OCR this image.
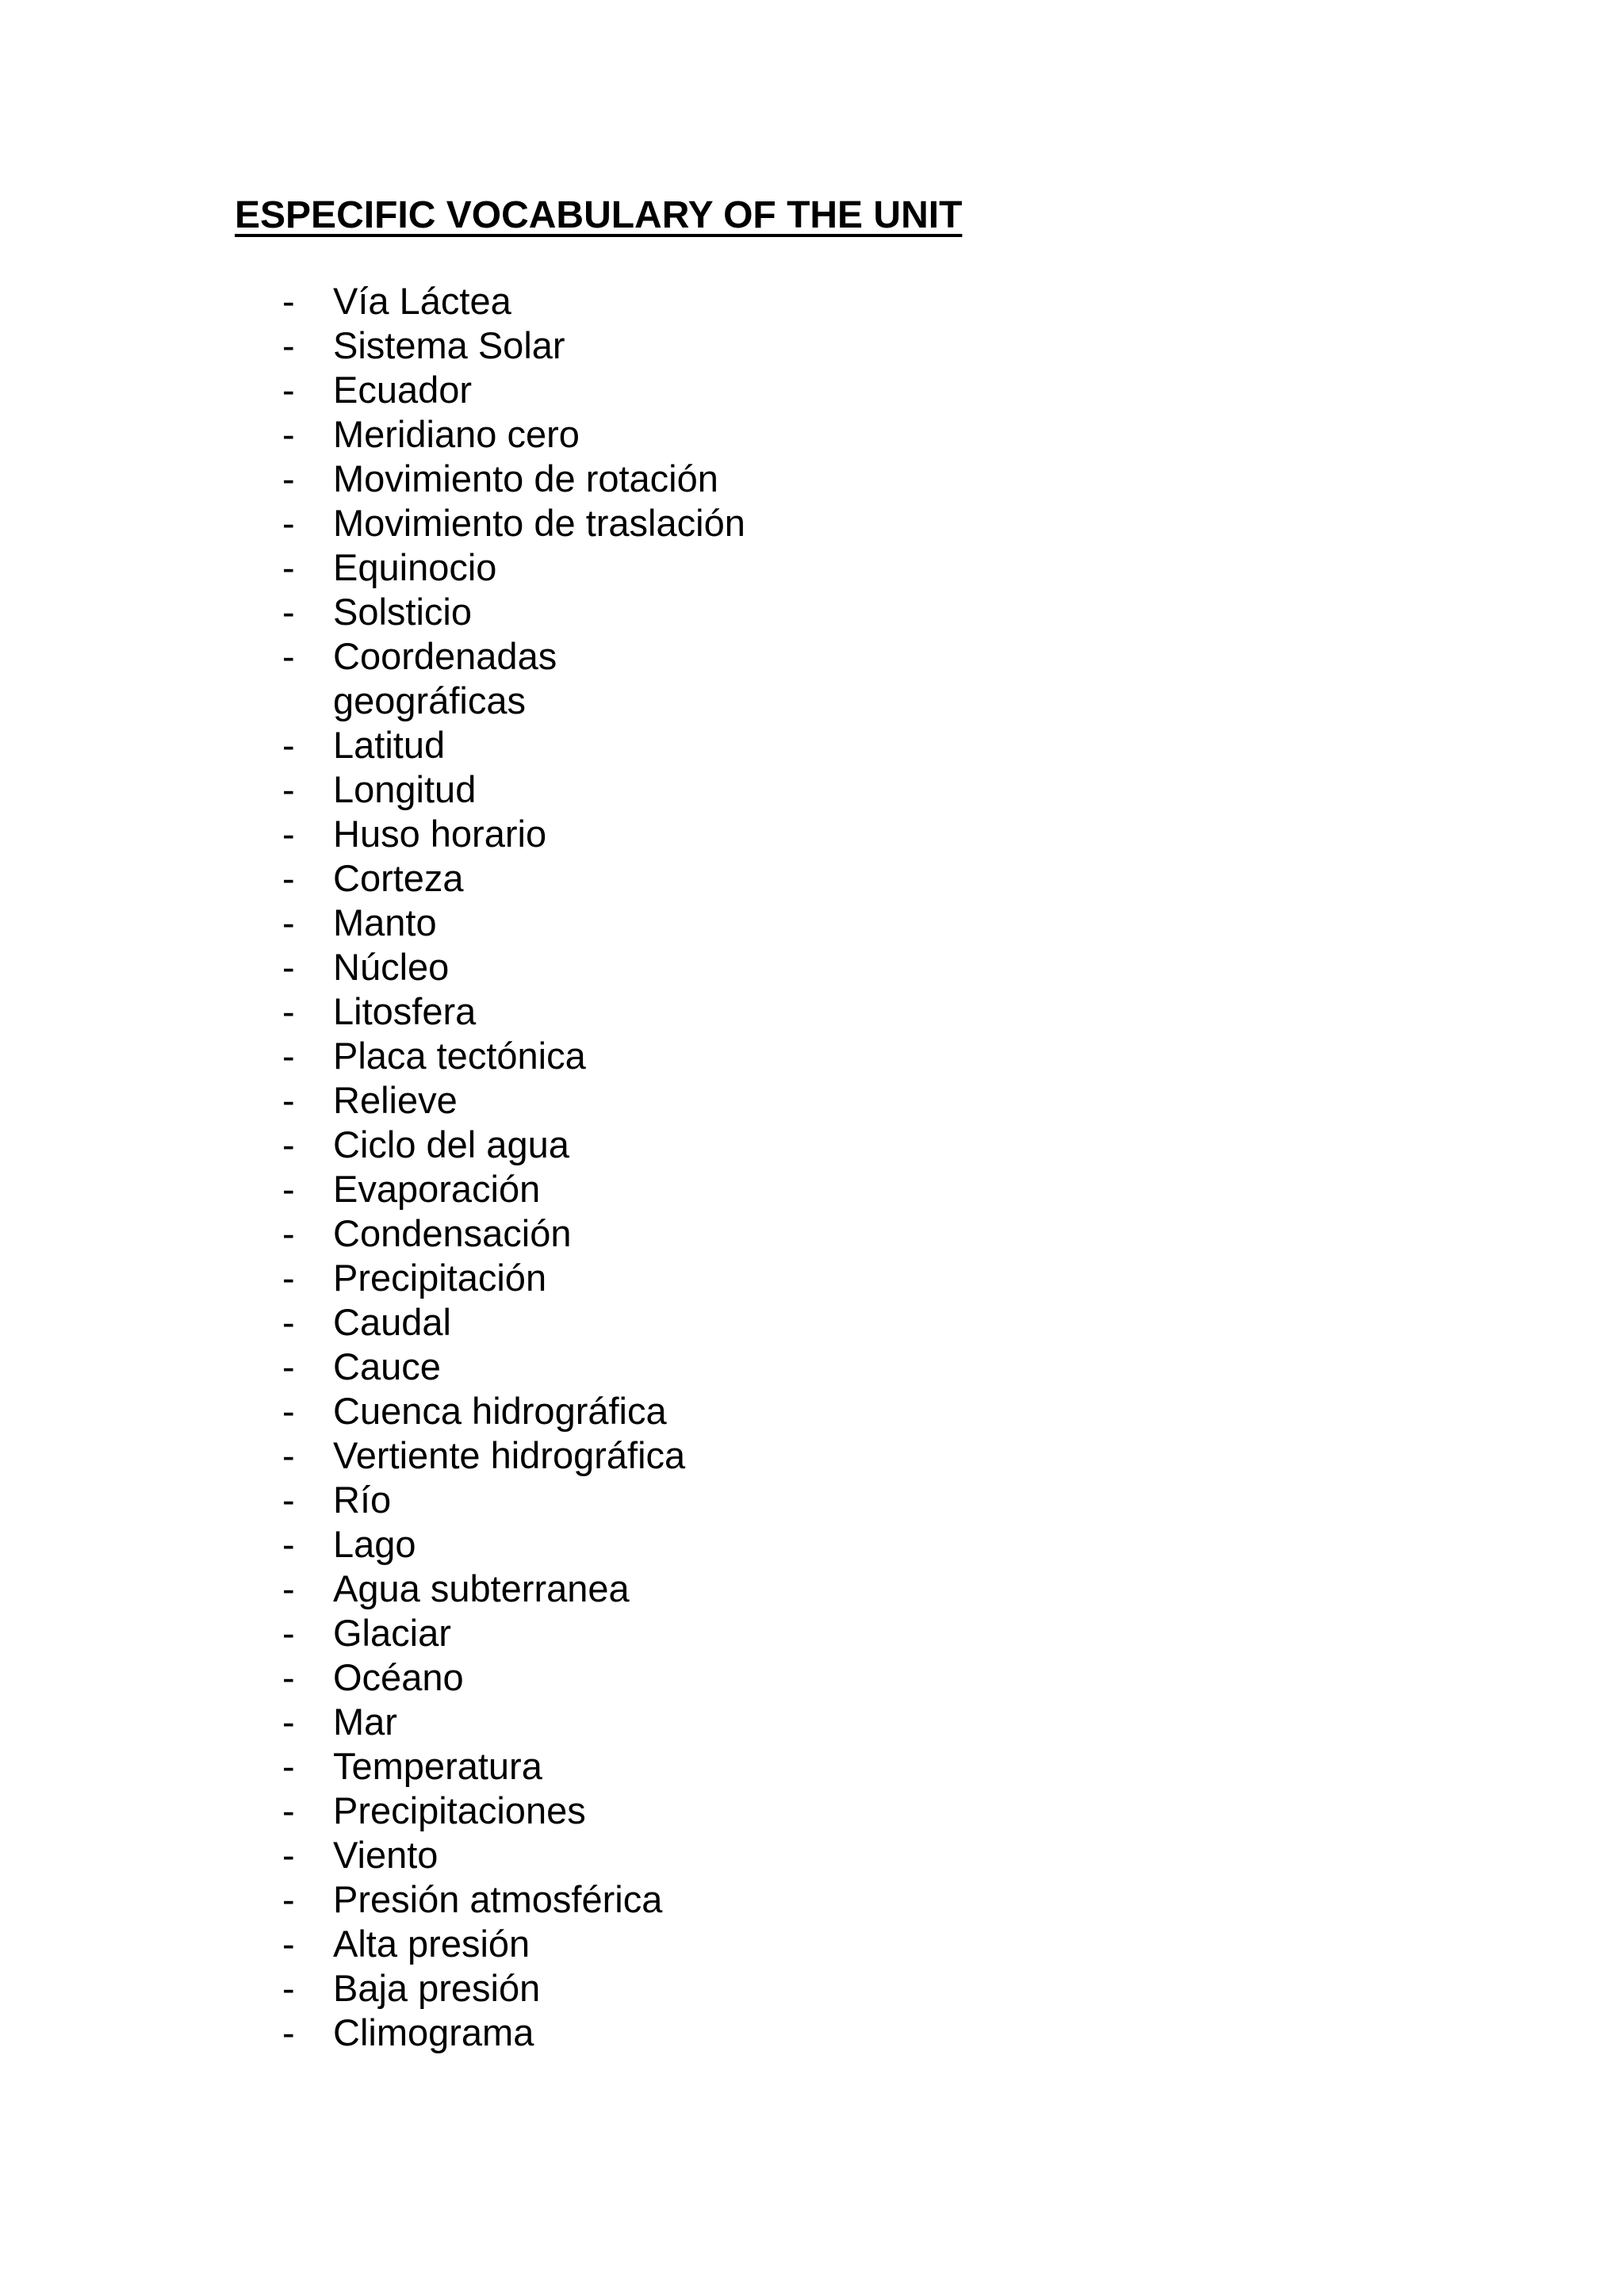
ESPECIFIC VOCABULARY OF THE UNIT
-	Vía Láctea
-	Sistema Solar
-	Ecuador
-	Meridiano cero
-	Movimiento de rotación
-	Movimiento de traslación
-	Equinocio
-	Solsticio
-	Coordenadas
geográficas
-	Latitud
-	Longitud
-	Huso horario
-	Corteza
-	Manto
-	Núcleo
-	Litosfera
-	Placa tectónica
-	Relieve
-	Ciclo del agua
-	Evaporación
-	Condensación
-	Precipitación
-	Caudal
-	Cauce
-	Cuenca hidrográfica
-	Vertiente hidrográfica
-	Río
-	Lago
-	Agua subterranea
-	Glaciar
-	Océano
-	Mar
-	Temperatura
-	Precipitaciones
-	Viento
-	Presión atmosférica
-	Alta presión
-	Baja presión
-	Climograma
